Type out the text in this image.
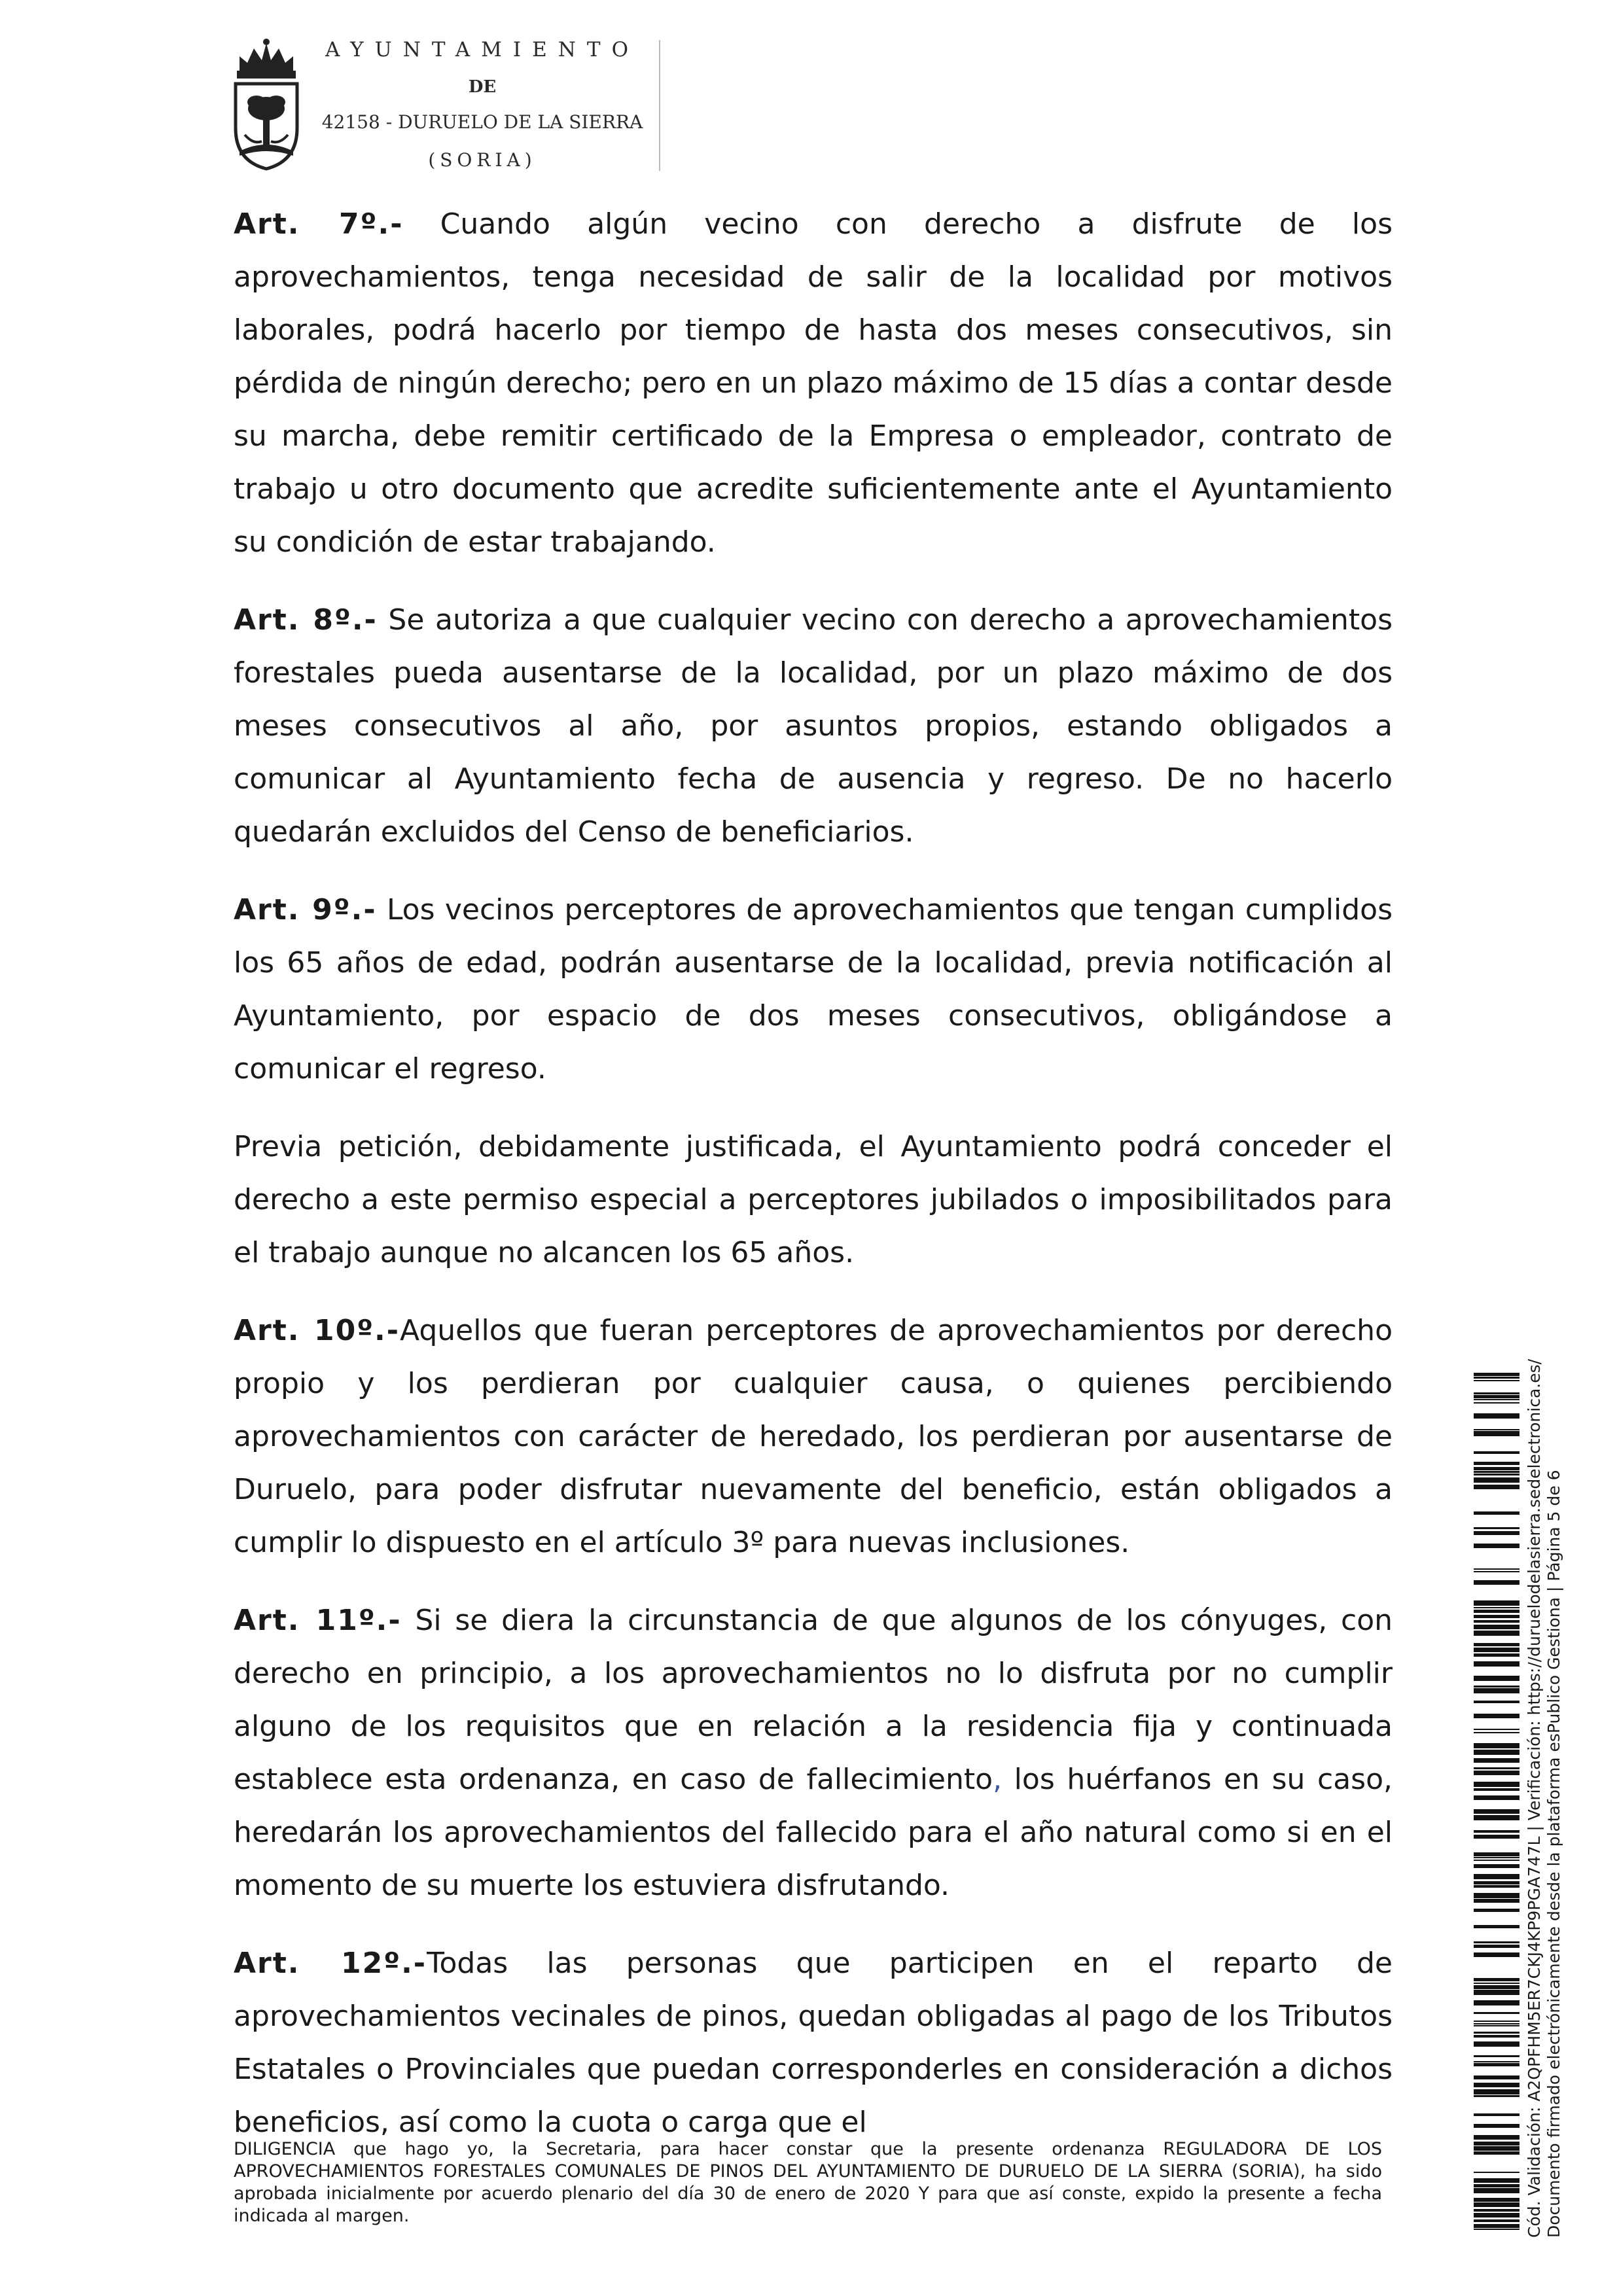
AYUNTAMIENTO
DE
42158 - DURUELO DE LA SIERRA
(SORIA)

Art. 7º.- Cuando algún vecino con derecho a disfrute de los aprovechamientos, tenga necesidad de salir de la localidad por motivos laborales, podrá hacerlo por tiempo de hasta dos meses consecutivos, sin pérdida de ningún derecho; pero en un plazo máximo de 15 días a contar desde su marcha, debe remitir certificado de la Empresa o empleador, contrato de trabajo u otro documento que acredite suficientemente ante el Ayuntamiento su condición de estar trabajando.

Art. 8º.- Se autoriza a que cualquier vecino con derecho a aprovechamientos forestales pueda ausentarse de la localidad, por un plazo máximo de dos meses consecutivos al año, por asuntos propios, estando obligados a comunicar al Ayuntamiento fecha de ausencia y regreso. De no hacerlo quedarán excluidos del Censo de beneficiarios.

Art. 9º.- Los vecinos perceptores de aprovechamientos que tengan cumplidos los 65 años de edad, podrán ausentarse de la localidad, previa notificación al Ayuntamiento, por espacio de dos meses consecutivos, obligándose a comunicar el regreso.

Previa petición, debidamente justificada, el Ayuntamiento podrá conceder el derecho a este permiso especial a perceptores jubilados o imposibilitados para el trabajo aunque no alcancen los 65 años.

Art. 10º.-Aquellos que fueran perceptores de aprovechamientos por derecho propio y los perdieran por cualquier causa, o quienes percibiendo aprovechamientos con carácter de heredado, los perdieran por ausentarse de Duruelo, para poder disfrutar nuevamente del beneficio, están obligados a cumplir lo dispuesto en el artículo 3º para nuevas inclusiones.

Art. 11º.- Si se diera la circunstancia de que algunos de los cónyuges, con derecho en principio, a los aprovechamientos no lo disfruta por no cumplir alguno de los requisitos que en relación a la residencia fija y continuada establece esta ordenanza, en caso de fallecimiento, los huérfanos en su caso, heredarán los aprovechamientos del fallecido para el año natural como si en el momento de su muerte los estuviera disfrutando.

Art. 12º.-Todas las personas que participen en el reparto de aprovechamientos vecinales de pinos, quedan obligadas al pago de los Tributos Estatales o Provinciales que puedan corresponderles en consideración a dichos beneficios, así como la cuota o carga que el

DILIGENCIA que hago yo, la Secretaria, para hacer constar que la presente ordenanza REGULADORA DE LOS APROVECHAMIENTOS FORESTALES COMUNALES DE PINOS DEL AYUNTAMIENTO DE DURUELO DE LA SIERRA (SORIA), ha sido aprobada inicialmente por acuerdo plenario del día 30 de enero de 2020 Y para que así conste, expido la presente a fecha indicada al margen.	Cód. Validación: A2QPFHM5ER7CKJ4KP9PGA747L | Verificación: https://duruelodelasierra.sedelectronica.es/ Documento firmado electrónicamente desde la plataforma esPublico Gestiona | Página 5 de 6
